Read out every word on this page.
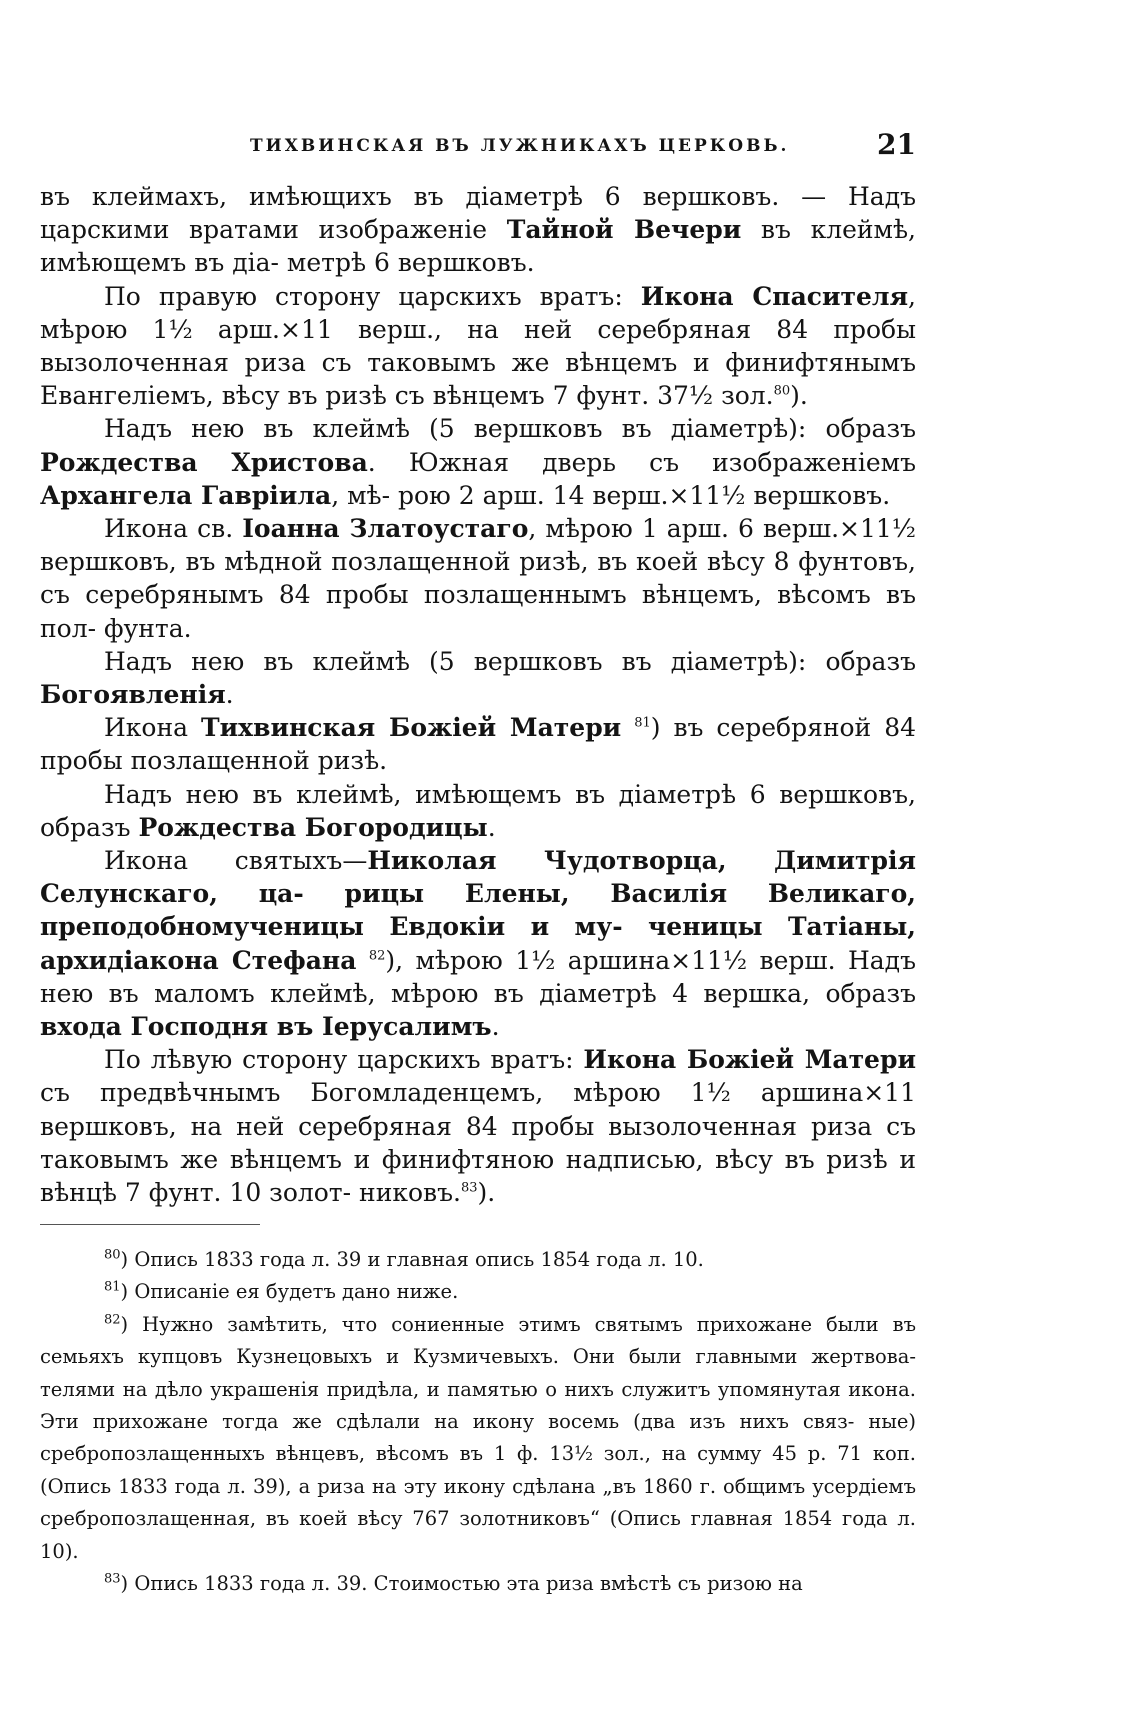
ТИХВИНСКАЯ ВЪ ЛУЖНИКАХЪ ЦЕРКОВЬ.	21

въ клеймахъ, имѣющихъ въ діаметрѣ 6 вершковъ. — Надъ царскими вратами изображеніе Тайной Вечери въ клеймѣ, имѣющемъ въ діа- метрѣ 6 вершковъ.

По правую сторону царскихъ вратъ: Икона Спасителя, мѣрою 1½ арш.×11 верш., на ней серебряная 84 пробы вызолоченная риза съ таковымъ же вѣнцемъ и финифтянымъ Евангеліемъ, вѣсу въ ризѣ съ вѣнцемъ 7 фунт. 37½ зол.$^{80}$).

Надъ нею въ клеймѣ (5 вершковъ въ діаметрѣ): образъ Рождества Христова. Южная дверь съ изображеніемъ Архангела Гавріила, мѣ- рою 2 арш. 14 верш.×11½ вершковъ.

Икона св. Іоанна Златоустаго, мѣрою 1 арш. 6 верш.×11½ вершковъ, въ мѣдной позлащенной ризѣ, въ коей вѣсу 8 фунтовъ, съ серебрянымъ 84 пробы позлащеннымъ вѣнцемъ, вѣсомъ въ пол- фунта.

Надъ нею въ клеймѣ (5 вершковъ въ діаметрѣ): образъ Богоявленія.

Икона Тихвинская Божіей Матери $^{81}$) въ серебряной 84 пробы позлащенной ризѣ.

Надъ нею въ клеймѣ, имѣющемъ въ діаметрѣ 6 вершковъ, образъ Рождества Богородицы.

Икона святыхъ—Николая Чудотворца, Димитрія Селунскаго, ца- рицы Елены, Василія Великаго, преподобномученицы Евдокіи и му- ченицы Татіаны, архидіакона Стефана $^{82}$), мѣрою 1½ аршина×11½ верш. Надъ нею въ маломъ клеймѣ, мѣрою въ діаметрѣ 4 вершка, образъ входа Господня въ Іерусалимъ.

По лѣвую сторону царскихъ вратъ: Икона Божіей Матери съ предвѣчнымъ Богомладенцемъ, мѣрою 1½ аршина×11 вершковъ, на ней серебряная 84 пробы вызолоченная риза съ таковымъ же вѣнцемъ и финифтяною надписью, вѣсу въ ризѣ и вѣнцѣ 7 фунт. 10 золот- никовъ.$^{83}$).

$^{80}$) Опись 1833 года л. 39 и главная опись 1854 года л. 10.

$^{81}$) Описаніе ея будетъ дано ниже.

$^{82}$) Нужно замѣтить, что сониенные этимъ святымъ прихожане были въ семьяхъ купцовъ Кузнецовыхъ и Кузмичевыхъ. Они были главными жертвова- телями на дѣло украшенія придѣла, и памятью о нихъ служитъ упомянутая икона. Эти прихожане тогда же сдѣлали на икону восемь (два изъ нихъ связ- ные) сребропозлащенныхъ вѣнцевъ, вѣсомъ въ 1 ф. 13½ зол., на сумму 45 р. 71 коп. (Опись 1833 года л. 39), а риза на эту икону сдѣлана „въ 1860 г. общимъ усердіемъ сребропозлащенная, въ коей вѣсу 767 золотниковъ“ (Опись главная 1854 года л. 10).

$^{83}$) Опись 1833 года л. 39. Стоимостью эта риза вмѣстѣ съ ризою на
